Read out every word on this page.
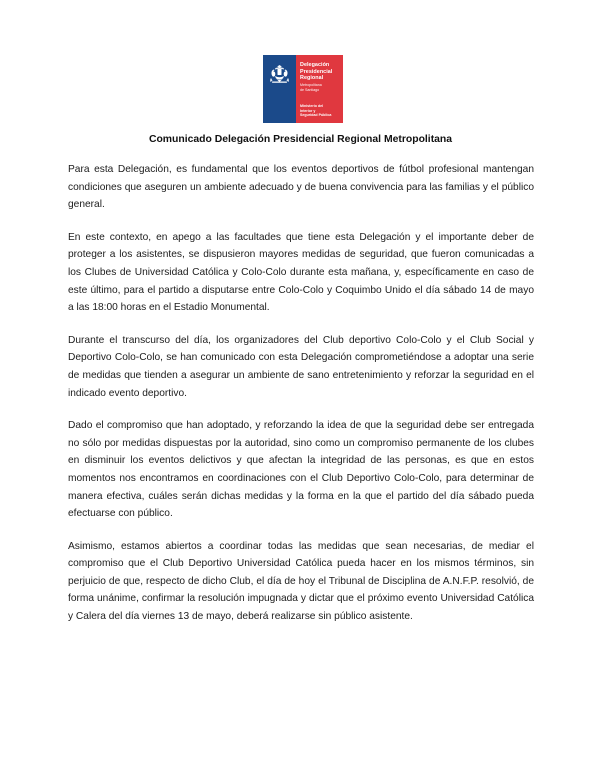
Delegación
Presidencial
Regional
Metropolitana
de Santiago
Ministerio del
Interior y
Seguridad Pública
Comunicado Delegación Presidencial Regional Metropolitana

Para esta Delegación, es fundamental que los eventos deportivos de fútbol profesional mantengan condiciones que aseguren un ambiente adecuado y de buena convivencia para las familias y el público general.

En este contexto, en apego a las facultades que tiene esta Delegación y el importante deber de proteger a los asistentes, se dispusieron mayores medidas de seguridad, que fueron comunicadas a los Clubes de Universidad Católica y Colo-Colo durante esta mañana, y, específicamente en caso de este último, para el partido a disputarse entre Colo-Colo y Coquimbo Unido el día sábado 14 de mayo a las 18:00 horas en el Estadio Monumental.

Durante el transcurso del día, los organizadores del Club deportivo Colo-Colo y el Club Social y Deportivo Colo-Colo, se han comunicado con esta Delegación comprometiéndose a adoptar una serie de medidas que tienden a asegurar un ambiente de sano entretenimiento y reforzar la seguridad en el indicado evento deportivo.

Dado el compromiso que han adoptado, y reforzando la idea de que la seguridad debe ser entregada no sólo por medidas dispuestas por la autoridad, sino como un compromiso permanente de los clubes en disminuir los eventos delictivos y que afectan la integridad de las personas, es que en estos momentos nos encontramos en coordinaciones con el Club Deportivo Colo-Colo, para determinar de manera efectiva, cuáles serán dichas medidas y la forma en la que el partido del día sábado pueda efectuarse con público.

Asimismo, estamos abiertos a coordinar todas las medidas que sean necesarias, de mediar el compromiso que el Club Deportivo Universidad Católica pueda hacer en los mismos términos, sin perjuicio de que, respecto de dicho Club, el día de hoy el Tribunal de Disciplina de A.N.F.P. resolvió, de forma unánime, confirmar la resolución impugnada y dictar que el próximo evento Universidad Católica y Calera del día viernes 13 de mayo, deberá realizarse sin público asistente.
